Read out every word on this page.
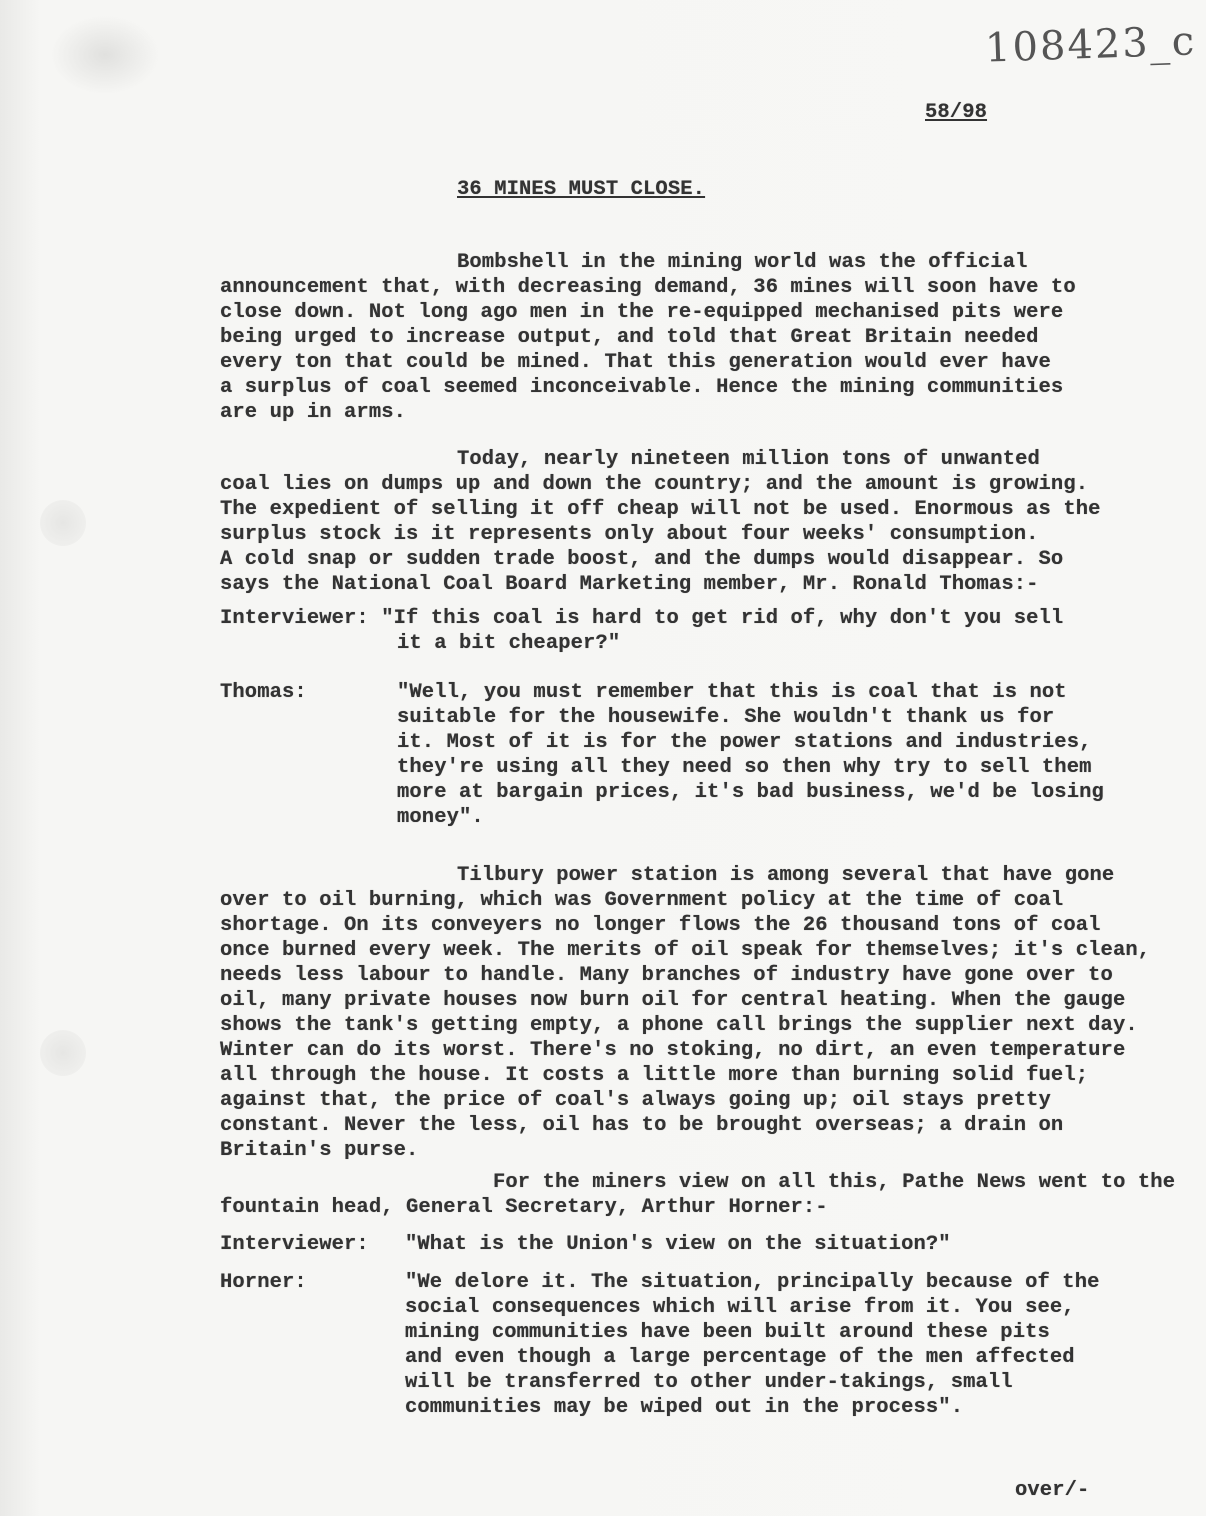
108423_c
58/98
36 MINES MUST CLOSE.
Bombshell in the mining world was the official
announcement that, with decreasing demand, 36 mines will soon have to
close down. Not long ago men in the re-equipped mechanised pits were
being urged to increase output, and told that Great Britain needed
every ton that could be mined. That this generation would ever have
a surplus of coal seemed inconceivable. Hence the mining communities
are up in arms.
Today, nearly nineteen million tons of unwanted
coal lies on dumps up and down the country; and the amount is growing.
The expedient of selling it off cheap will not be used. Enormous as the
surplus stock is it represents only about four weeks' consumption.
A cold snap or sudden trade boost, and the dumps would disappear. So
says the National Coal Board Marketing member, Mr. Ronald Thomas:-
Interviewer: "If this coal is hard to get rid of, why don't you sell
it a bit cheaper?"
Thomas:	"Well, you must remember that this is coal that is not
suitable for the housewife. She wouldn't thank us for
it. Most of it is for the power stations and industries,
they're using all they need so then why try to sell them
more at bargain prices, it's bad business, we'd be losing
money".
Tilbury power station is among several that have gone
over to oil burning, which was Government policy at the time of coal
shortage. On its conveyers no longer flows the 26 thousand tons of coal
once burned every week. The merits of oil speak for themselves; it's clean,
needs less labour to handle. Many branches of industry have gone over to
oil, many private houses now burn oil for central heating. When the gauge
shows the tank's getting empty, a phone call brings the supplier next day.
Winter can do its worst. There's no stoking, no dirt, an even temperature
all through the house. It costs a little more than burning solid fuel;
against that, the price of coal's always going up; oil stays pretty
constant. Never the less, oil has to be brought overseas; a drain on
Britain's purse.
For the miners view on all this, Pathe News went to the
fountain head, General Secretary, Arthur Horner:-
Interviewer: "What is the Union's view on the situation?"
Horner:	"We delore it. The situation, principally because of the
social consequences which will arise from it. You see,
mining communities have been built around these pits
and even though a large percentage of the men affected
will be transferred to other under-takings, small
communities may be wiped out in the process".
over/-
